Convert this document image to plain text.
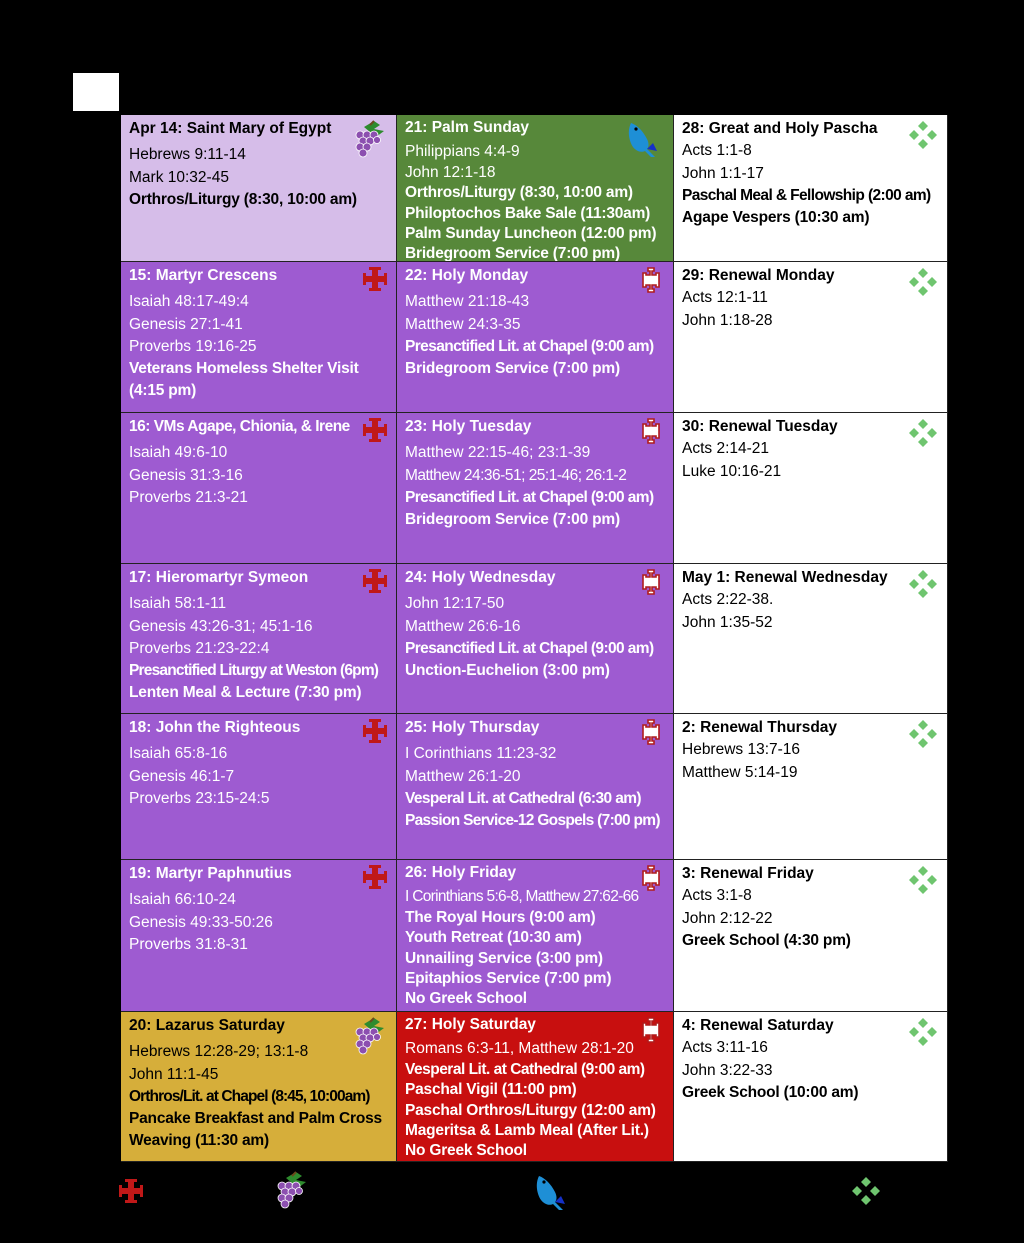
Apr 14: Saint Mary of Egypt
Hebrews 9:11-14
Mark 10:32-45
Orthros/Liturgy (8:30, 10:00 am)
21: Palm Sunday
Philippians 4:4-9
John 12:1-18
Orthros/Liturgy (8:30, 10:00 am)
Philoptochos Bake Sale (11:30am)
Palm Sunday Luncheon (12:00 pm)
Bridegroom Service (7:00 pm)
28: Great and Holy Pascha
Acts 1:1-8
John 1:1-17
Paschal Meal & Fellowship (2:00 am)
Agape Vespers (10:30 am)
15: Martyr Crescens
Isaiah 48:17-49:4
Genesis 27:1-41
Proverbs 19:16-25
Veterans Homeless Shelter Visit (4:15 pm)
22: Holy Monday
Matthew 21:18-43
Matthew 24:3-35
Presanctified Lit. at Chapel (9:00 am)
Bridegroom Service (7:00 pm)
29: Renewal Monday
Acts 12:1-11
John 1:18-28
16: VMs Agape, Chionia, & Irene
Isaiah 49:6-10
Genesis 31:3-16
Proverbs 21:3-21
23: Holy Tuesday
Matthew 22:15-46; 23:1-39
Matthew 24:36-51; 25:1-46; 26:1-2
Presanctified Lit. at Chapel (9:00 am)
Bridegroom Service (7:00 pm)
30: Renewal Tuesday
Acts 2:14-21
Luke 10:16-21
17: Hieromartyr Symeon
Isaiah 58:1-11
Genesis 43:26-31; 45:1-16
Proverbs 21:23-22:4
Presanctified Liturgy at Weston (6pm)
Lenten Meal & Lecture (7:30 pm)
24: Holy Wednesday
John 12:17-50
Matthew 26:6-16
Presanctified Lit. at Chapel (9:00 am)
Unction-Euchelion (3:00 pm)
May 1: Renewal Wednesday
Acts 2:22-38.
John 1:35-52
18: John the Righteous
Isaiah 65:8-16
Genesis 46:1-7
Proverbs 23:15-24:5
25: Holy Thursday
I Corinthians 11:23-32
Matthew 26:1-20
Vesperal Lit. at Cathedral (6:30 am)
Passion Service-12 Gospels (7:00 pm)
2: Renewal Thursday
Hebrews 13:7-16
Matthew 5:14-19
19: Martyr Paphnutius
Isaiah 66:10-24
Genesis 49:33-50:26
Proverbs 31:8-31
26: Holy Friday
I Corinthians 5:6-8, Matthew 27:62-66
The Royal Hours (9:00 am)
Youth Retreat (10:30 am)
Unnailing Service (3:00 pm)
Epitaphios Service (7:00 pm)
No Greek School
3: Renewal Friday
Acts 3:1-8
John 2:12-22
Greek School (4:30 pm)
20: Lazarus Saturday
Hebrews 12:28-29; 13:1-8
John 11:1-45
Orthros/Lit. at Chapel (8:45, 10:00am)
Pancake Breakfast and Palm Cross Weaving (11:30 am)
27: Holy Saturday
Romans 6:3-11, Matthew 28:1-20
Vesperal Lit. at Cathedral (9:00 am)
Paschal Vigil (11:00 pm)
Paschal Orthros/Liturgy (12:00 am)
Mageritsa & Lamb Meal (After Lit.)
No Greek School
4: Renewal Saturday
Acts 3:11-16
John 3:22-33
Greek School (10:00 am)
